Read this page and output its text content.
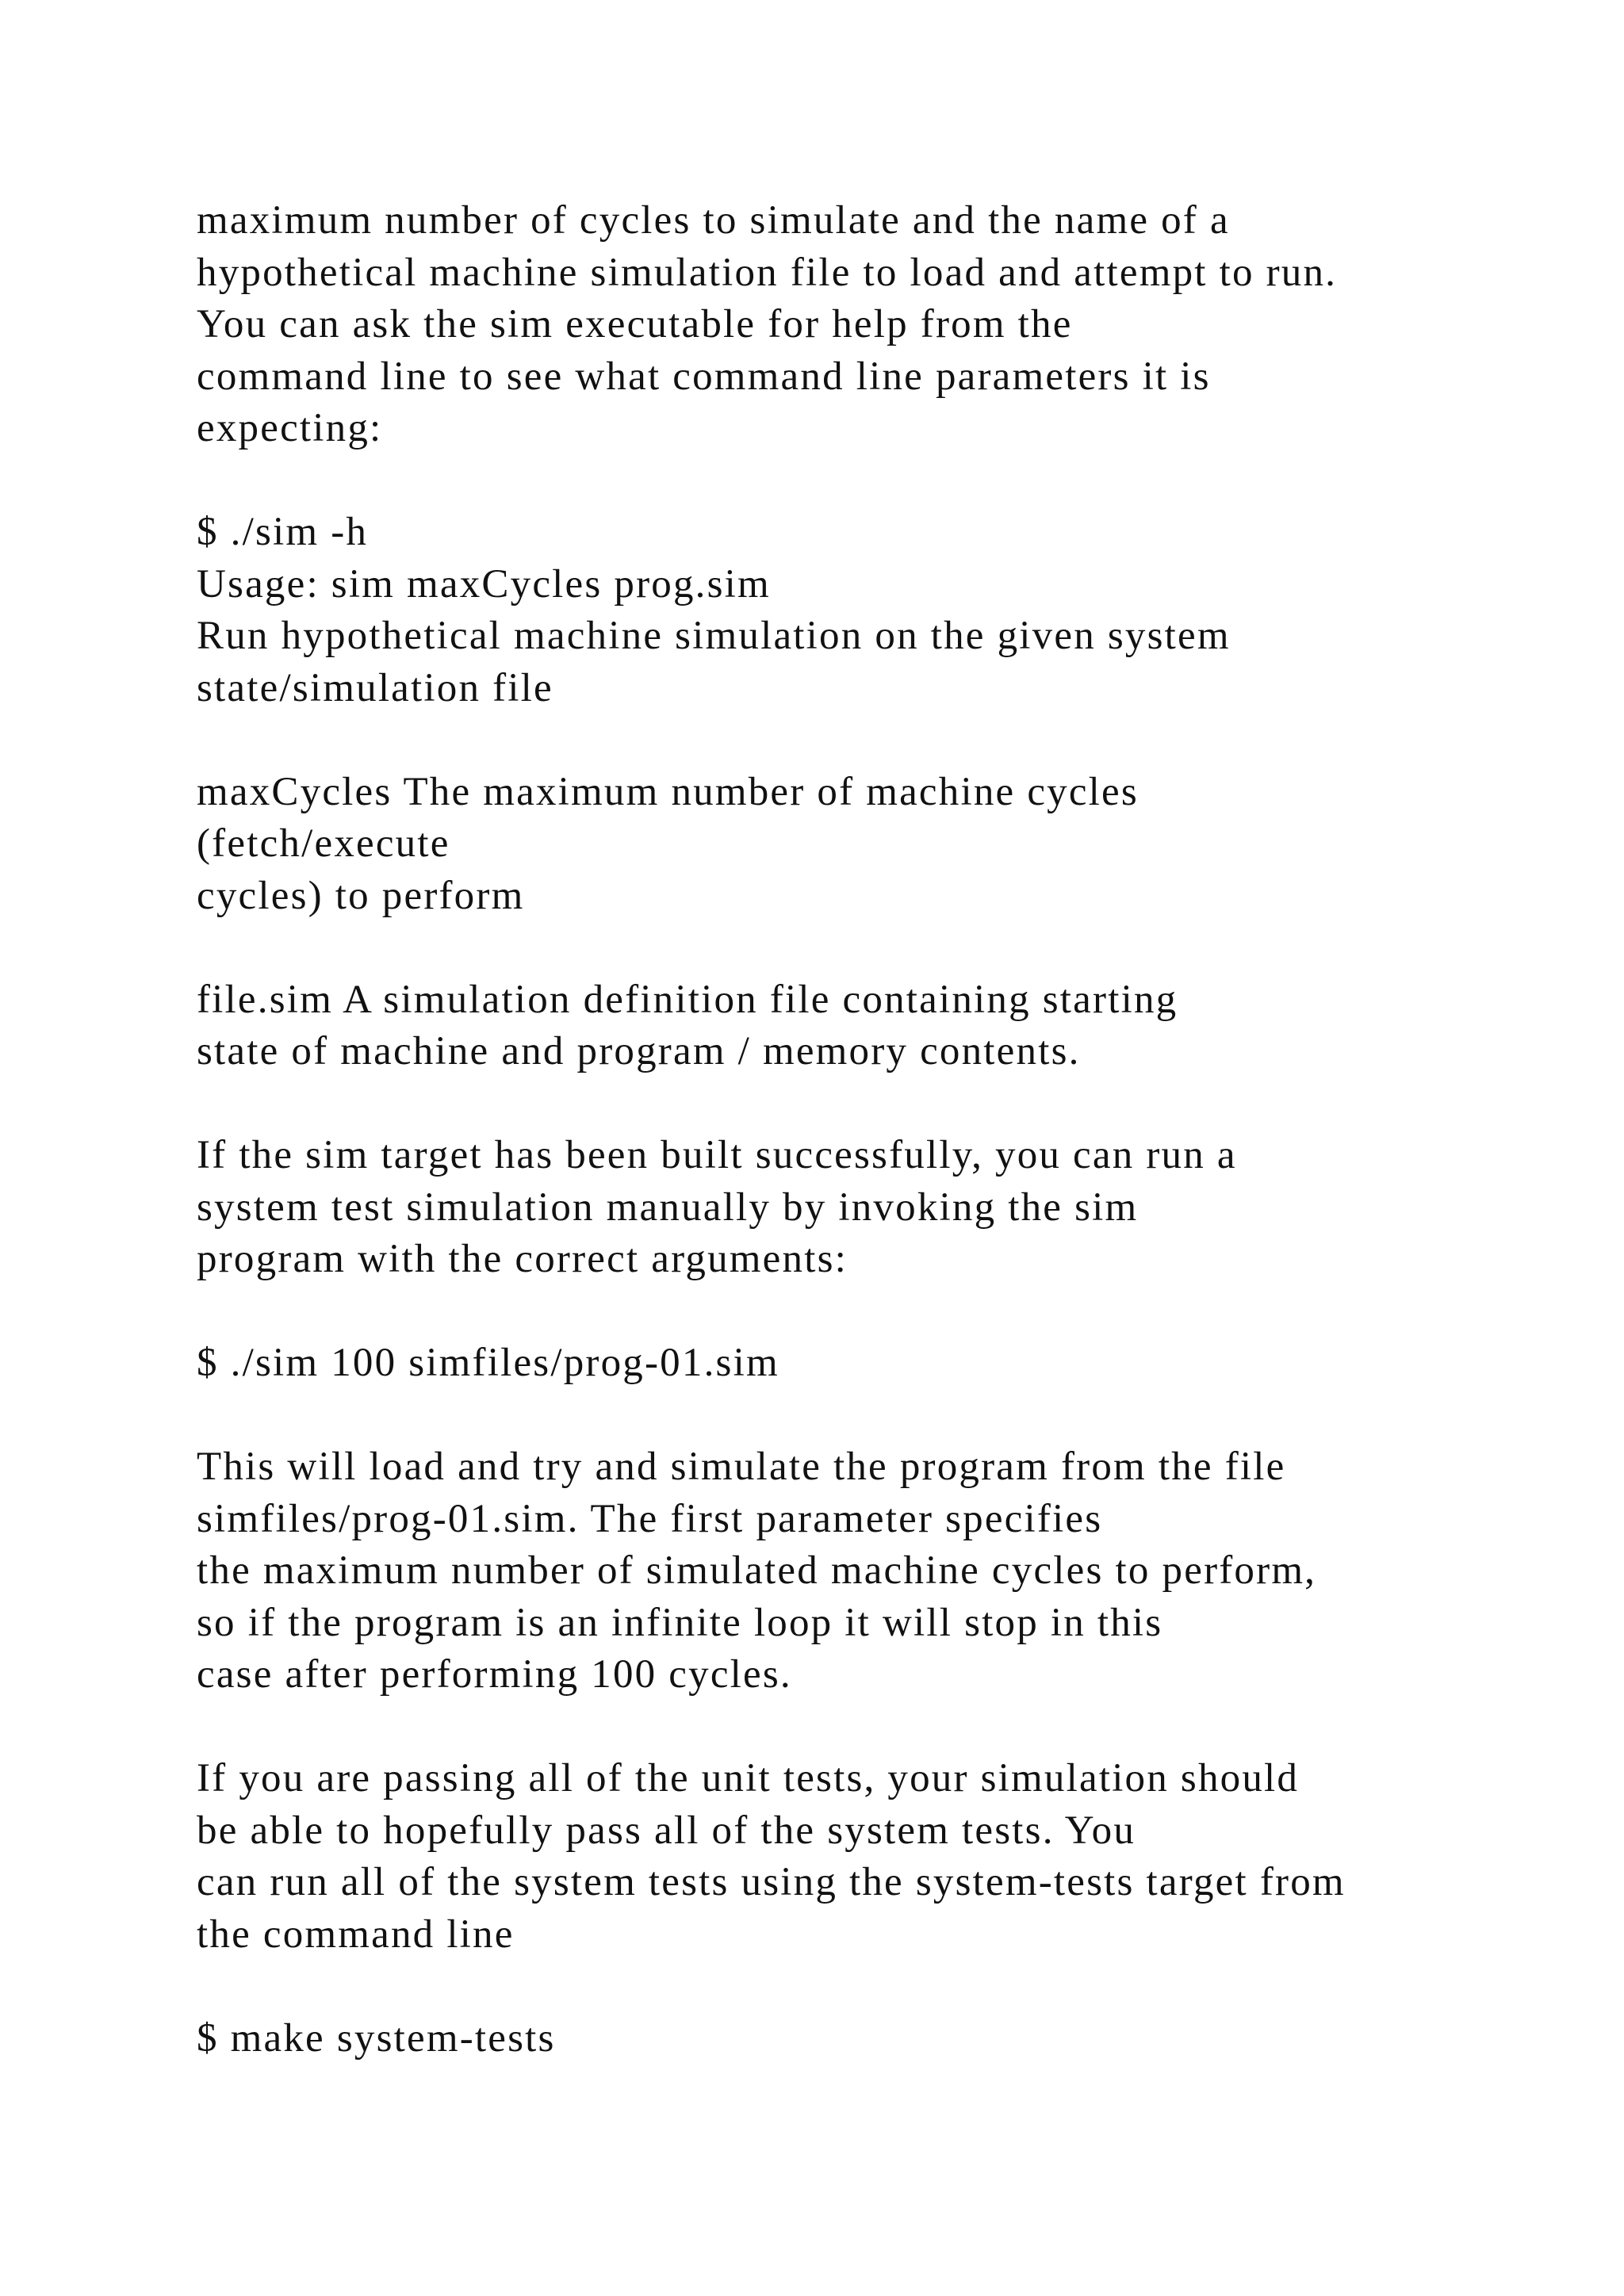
maximum number of cycles to simulate and the name of a
hypothetical machine simulation file to load and attempt to run.
You can ask the sim executable for help from the
command line to see what command line parameters it is
expecting:
$ ./sim -h
Usage: sim maxCycles prog.sim
Run hypothetical machine simulation on the given system
state/simulation file
maxCycles The maximum number of machine cycles
(fetch/execute
cycles) to perform
file.sim A simulation definition file containing starting
state of machine and program / memory contents.
If the sim target has been built successfully, you can run a
system test simulation manually by invoking the sim
program with the correct arguments:
$ ./sim 100 simfiles/prog-01.sim
This will load and try and simulate the program from the file
simfiles/prog-01.sim. The first parameter specifies
the maximum number of simulated machine cycles to perform,
so if the program is an infinite loop it will stop in this
case after performing 100 cycles.
If you are passing all of the unit tests, your simulation should
be able to hopefully pass all of the system tests. You
can run all of the system tests using the system-tests target from
the command line
$ make system-tests
